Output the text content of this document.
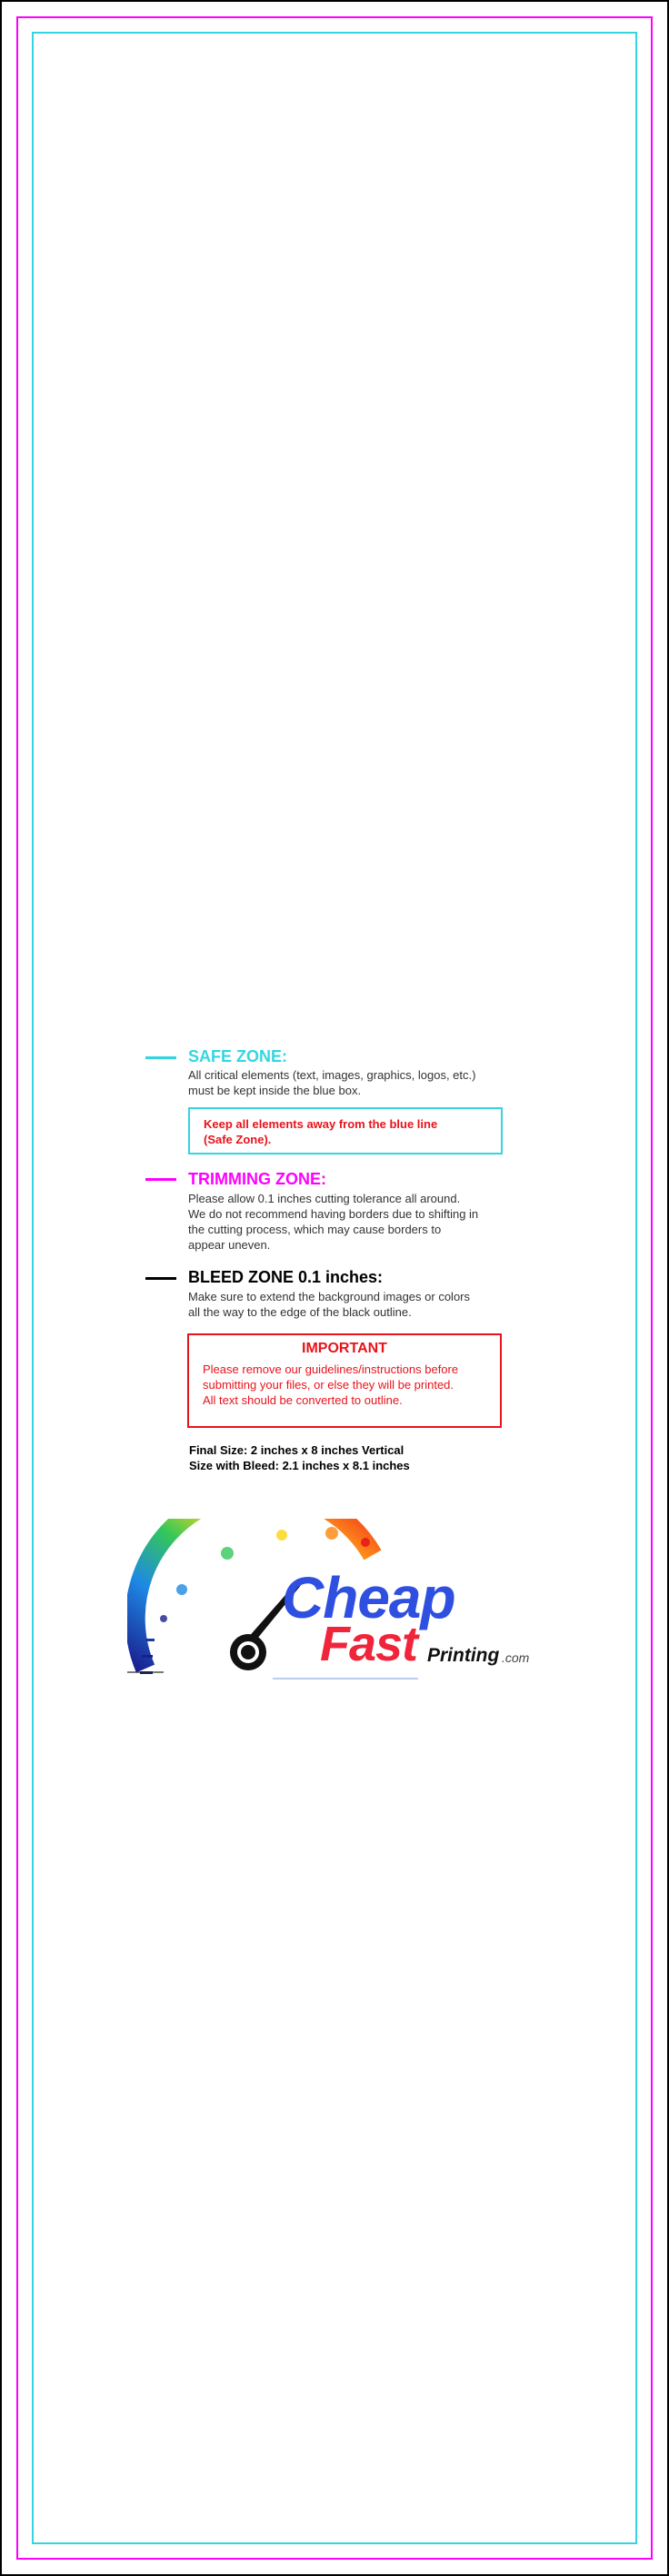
SAFE ZONE:
All critical elements (text, images, graphics, logos, etc.)
must be kept inside the blue box.
Keep all elements away from the blue line
(Safe Zone).
TRIMMING ZONE:
Please allow 0.1 inches cutting tolerance all around.
We do not recommend having borders due to shifting in
the cutting process, which may cause borders to
appear uneven.
BLEED ZONE 0.1 inches:
Make sure to extend the background images or colors
all the way to the edge of the black outline.
IMPORTANT
Please remove our guidelines/instructions before
submitting your files, or else they will be printed.
All text should be converted to outline.
Final Size: 2 inches x 8 inches Vertical
Size with Bleed: 2.1 inches x 8.1 inches
Cheap
Fast Printing .com
